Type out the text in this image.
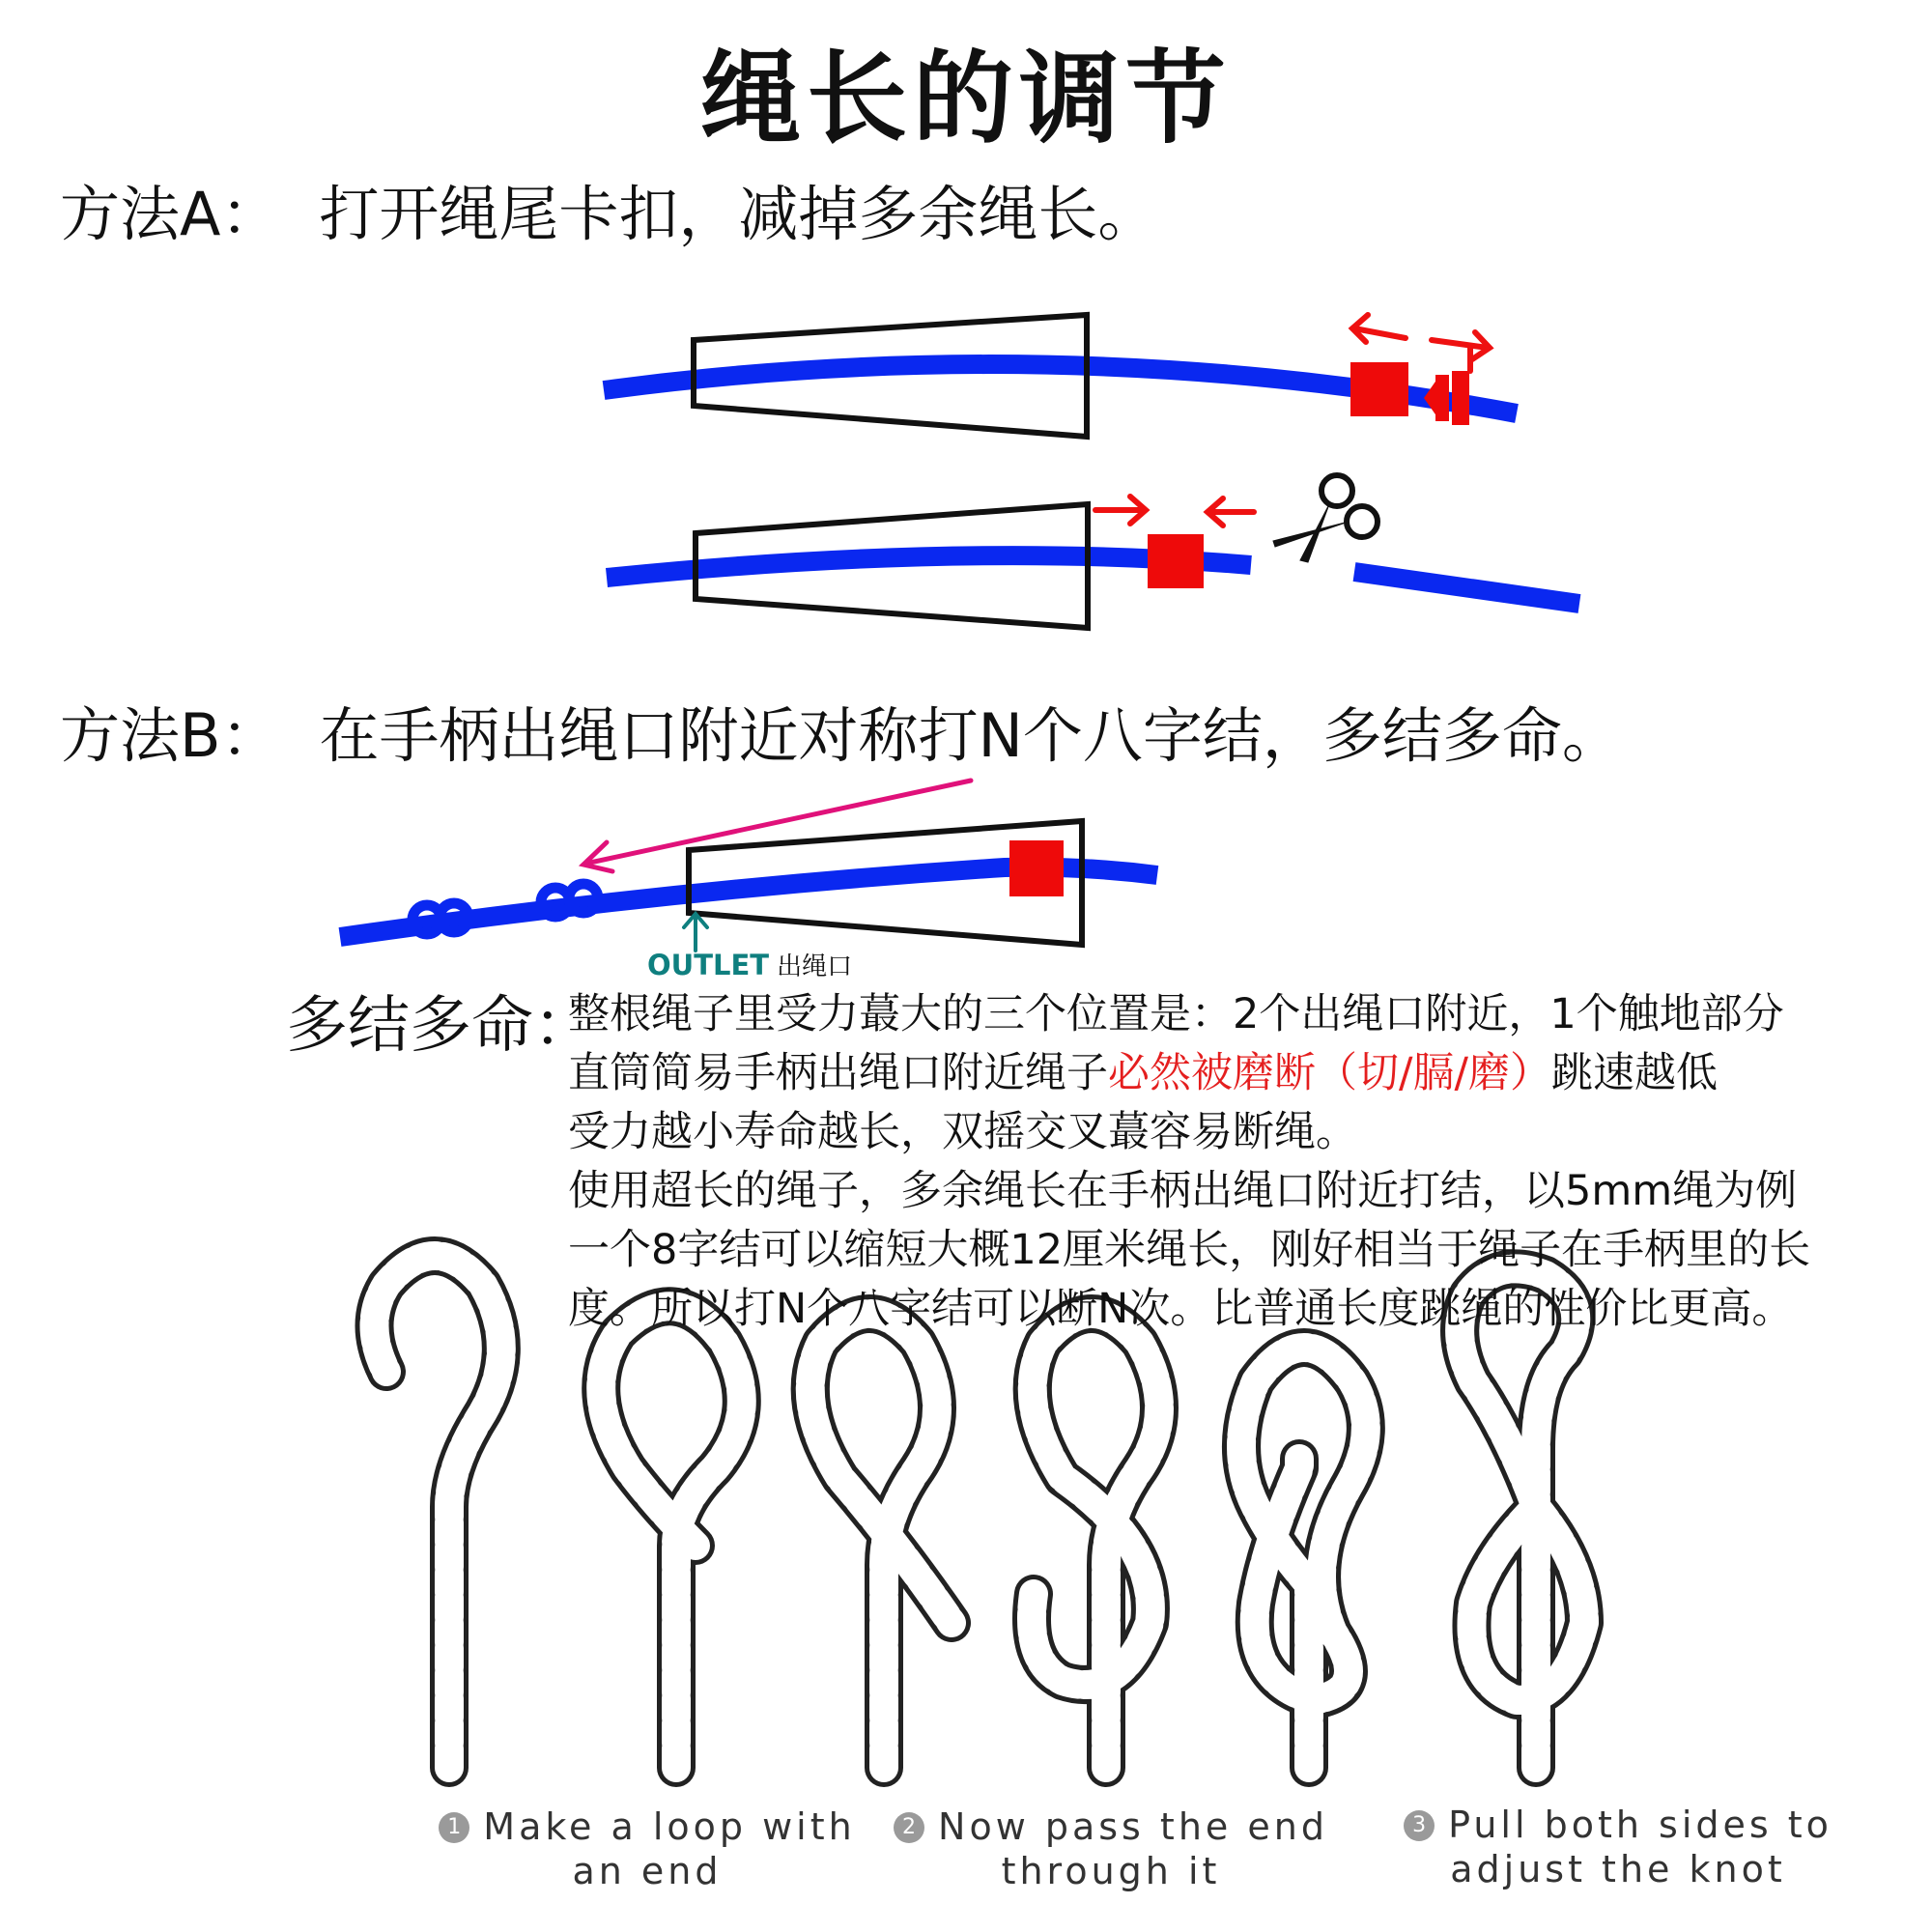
绳长的调节
方法A： 打开绳尾卡扣，减掉多余绳长。
方法B： 在手柄出绳口附近对称打N个八字结，多结多命。
OUTLET 出绳口
多结多命：
整根绳子里受力蕞大的三个位置是：2个出绳口附近，1个触地部分
直筒简易手柄出绳口附近绳子必然被磨断（切/膈/磨）跳速越低
受力越小寿命越长，双摇交叉蕞容易断绳。
使用超长的绳子，多余绳长在手柄出绳口附近打结，以5mm绳为例
一个8字结可以缩短大概12厘米绳长，刚好相当于绳子在手柄里的长
度。所以打N个八字结可以断N次。比普通长度跳绳的性价比更高。
1 Make a loop with
an end
2 Now pass the end
through it
3 Pull both sides to
adjust the knot
